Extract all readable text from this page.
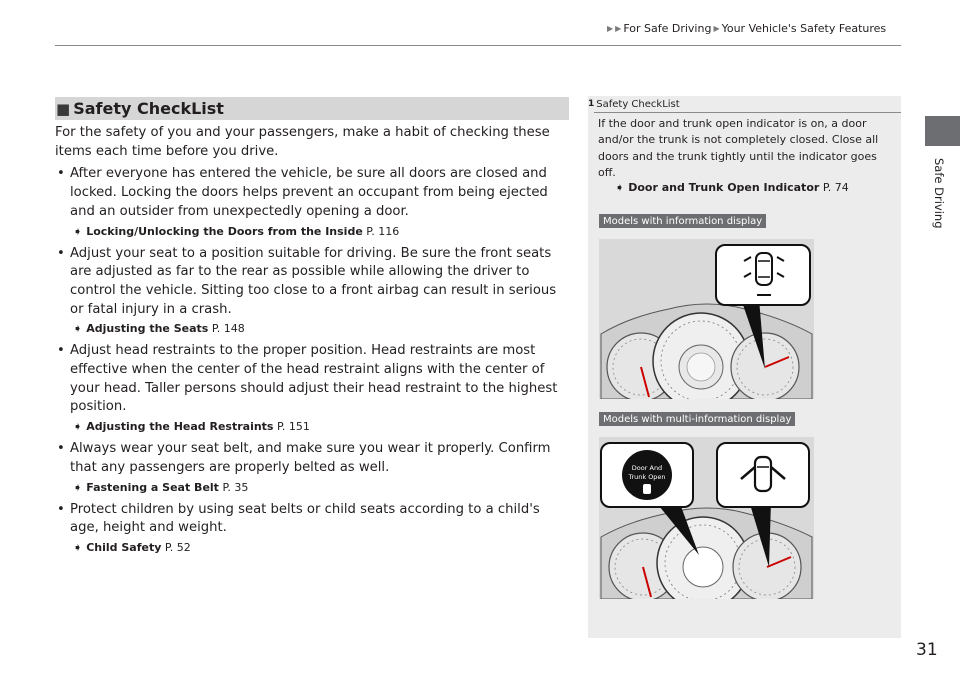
▶ ▶ For Safe Driving ▶ Your Vehicle's Safety Features
Safe Driving
■ Safety CheckList

For the safety of you and your passengers, make a habit of checking these items each time before you drive.

• After everyone has entered the vehicle, be sure all doors are closed and locked. Locking the doors helps prevent an occupant from being ejected and an outsider from unexpectedly opening a door.
➧ Locking/Unlocking the Doors from the Inside P. 116
• Adjust your seat to a position suitable for driving. Be sure the front seats are adjusted as far to the rear as possible while allowing the driver to control the vehicle. Sitting too close to a front airbag can result in serious or fatal injury in a crash.
➧ Adjusting the Seats P. 148
• Adjust head restraints to the proper position. Head restraints are most effective when the center of the head restraint aligns with the center of your head. Taller persons should adjust their head restraint to the highest position.
➧ Adjusting the Head Restraints P. 151
• Always wear your seat belt, and make sure you wear it properly. Confirm that any passengers are properly belted as well.
➧ Fastening a Seat Belt P. 35
• Protect children by using seat belts or child seats according to a child's age, height and weight.
➧ Child Safety P. 52
1 Safety CheckList
If the door and trunk open indicator is on, a door and/or the trunk is not completely closed. Close all doors and the trunk tightly until the indicator goes off.
➧ Door and Trunk Open Indicator P. 74
Models with information display
Models with multi-information display
Door And
Trunk Open
31
